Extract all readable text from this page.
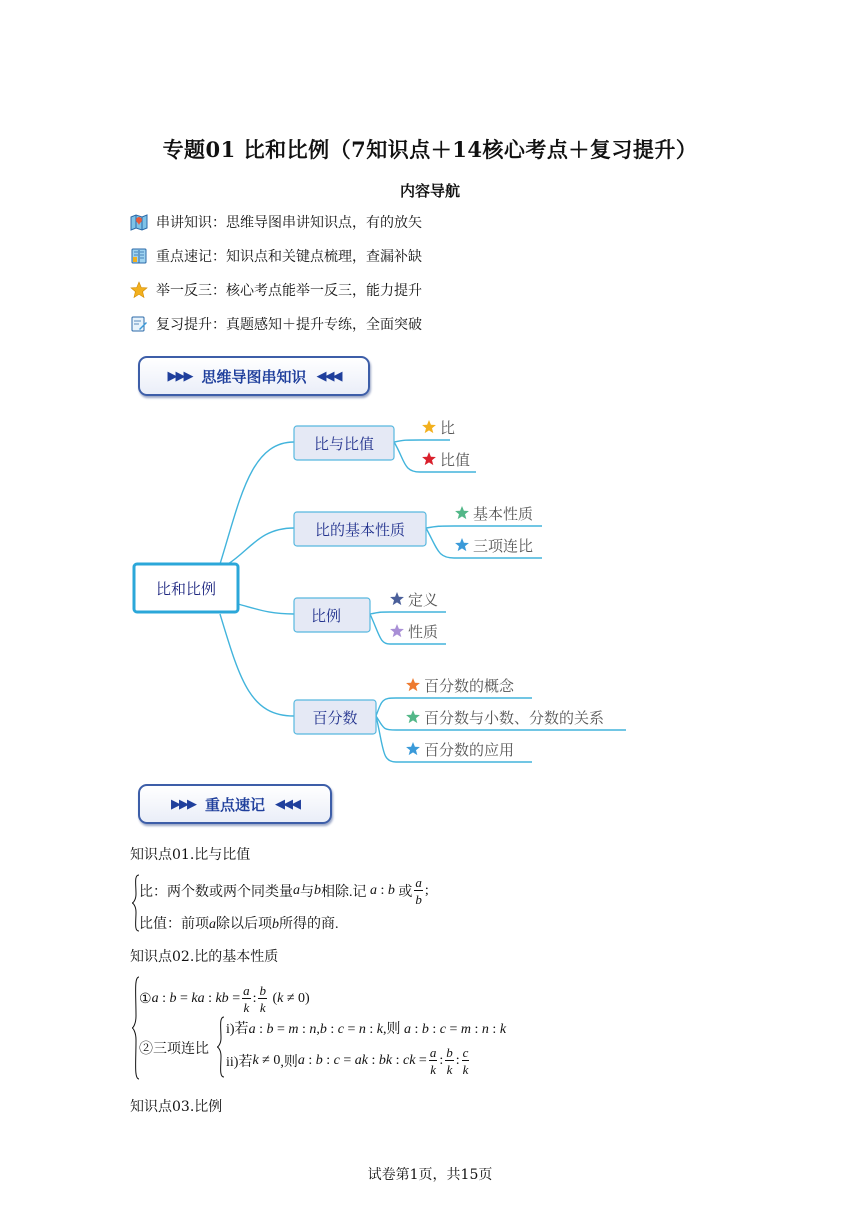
专题01 比和比例（7知识点＋14核心考点＋复习提升）
内容导航
串讲知识：思维导图串讲知识点，有的放矢
重点速记：知识点和关键点梳理，查漏补缺
举一反三：核心考点能举一反三，能力提升
复习提升：真题感知＋提升专练，全面突破
▶▶▶ 思维导图串知识 ◀◀◀
比和比例
比与比值
比的基本性质
比例
百分数
比
比值
基本性质
三项连比
定义
性质
百分数的概念
百分数与小数、分数的关系
百分数的应用
▶▶▶ 重点速记 ◀◀◀
知识点01.比与比值
比：两个数或两个同类量 a 与 b 相除.记 a : b 或 $\frac{a}{b}$ ;
比值：前项a除以后项b所得的商.
知识点02.比的基本性质
① a : b = ka : kb = $\frac{a}{k}$ : $\frac{b}{k}$ ( k ≠ 0)
②三项连比
i)若a : b = m : n,b : c = n : k,则 a : b : c = m : n : k
ii)若 k ≠ 0 ,则 a : b : c = ak : bk : ck = $\frac{a}{k}$ : $\frac{b}{k}$ : $\frac{c}{k}$
知识点03.比例
试卷第1页，共15页
